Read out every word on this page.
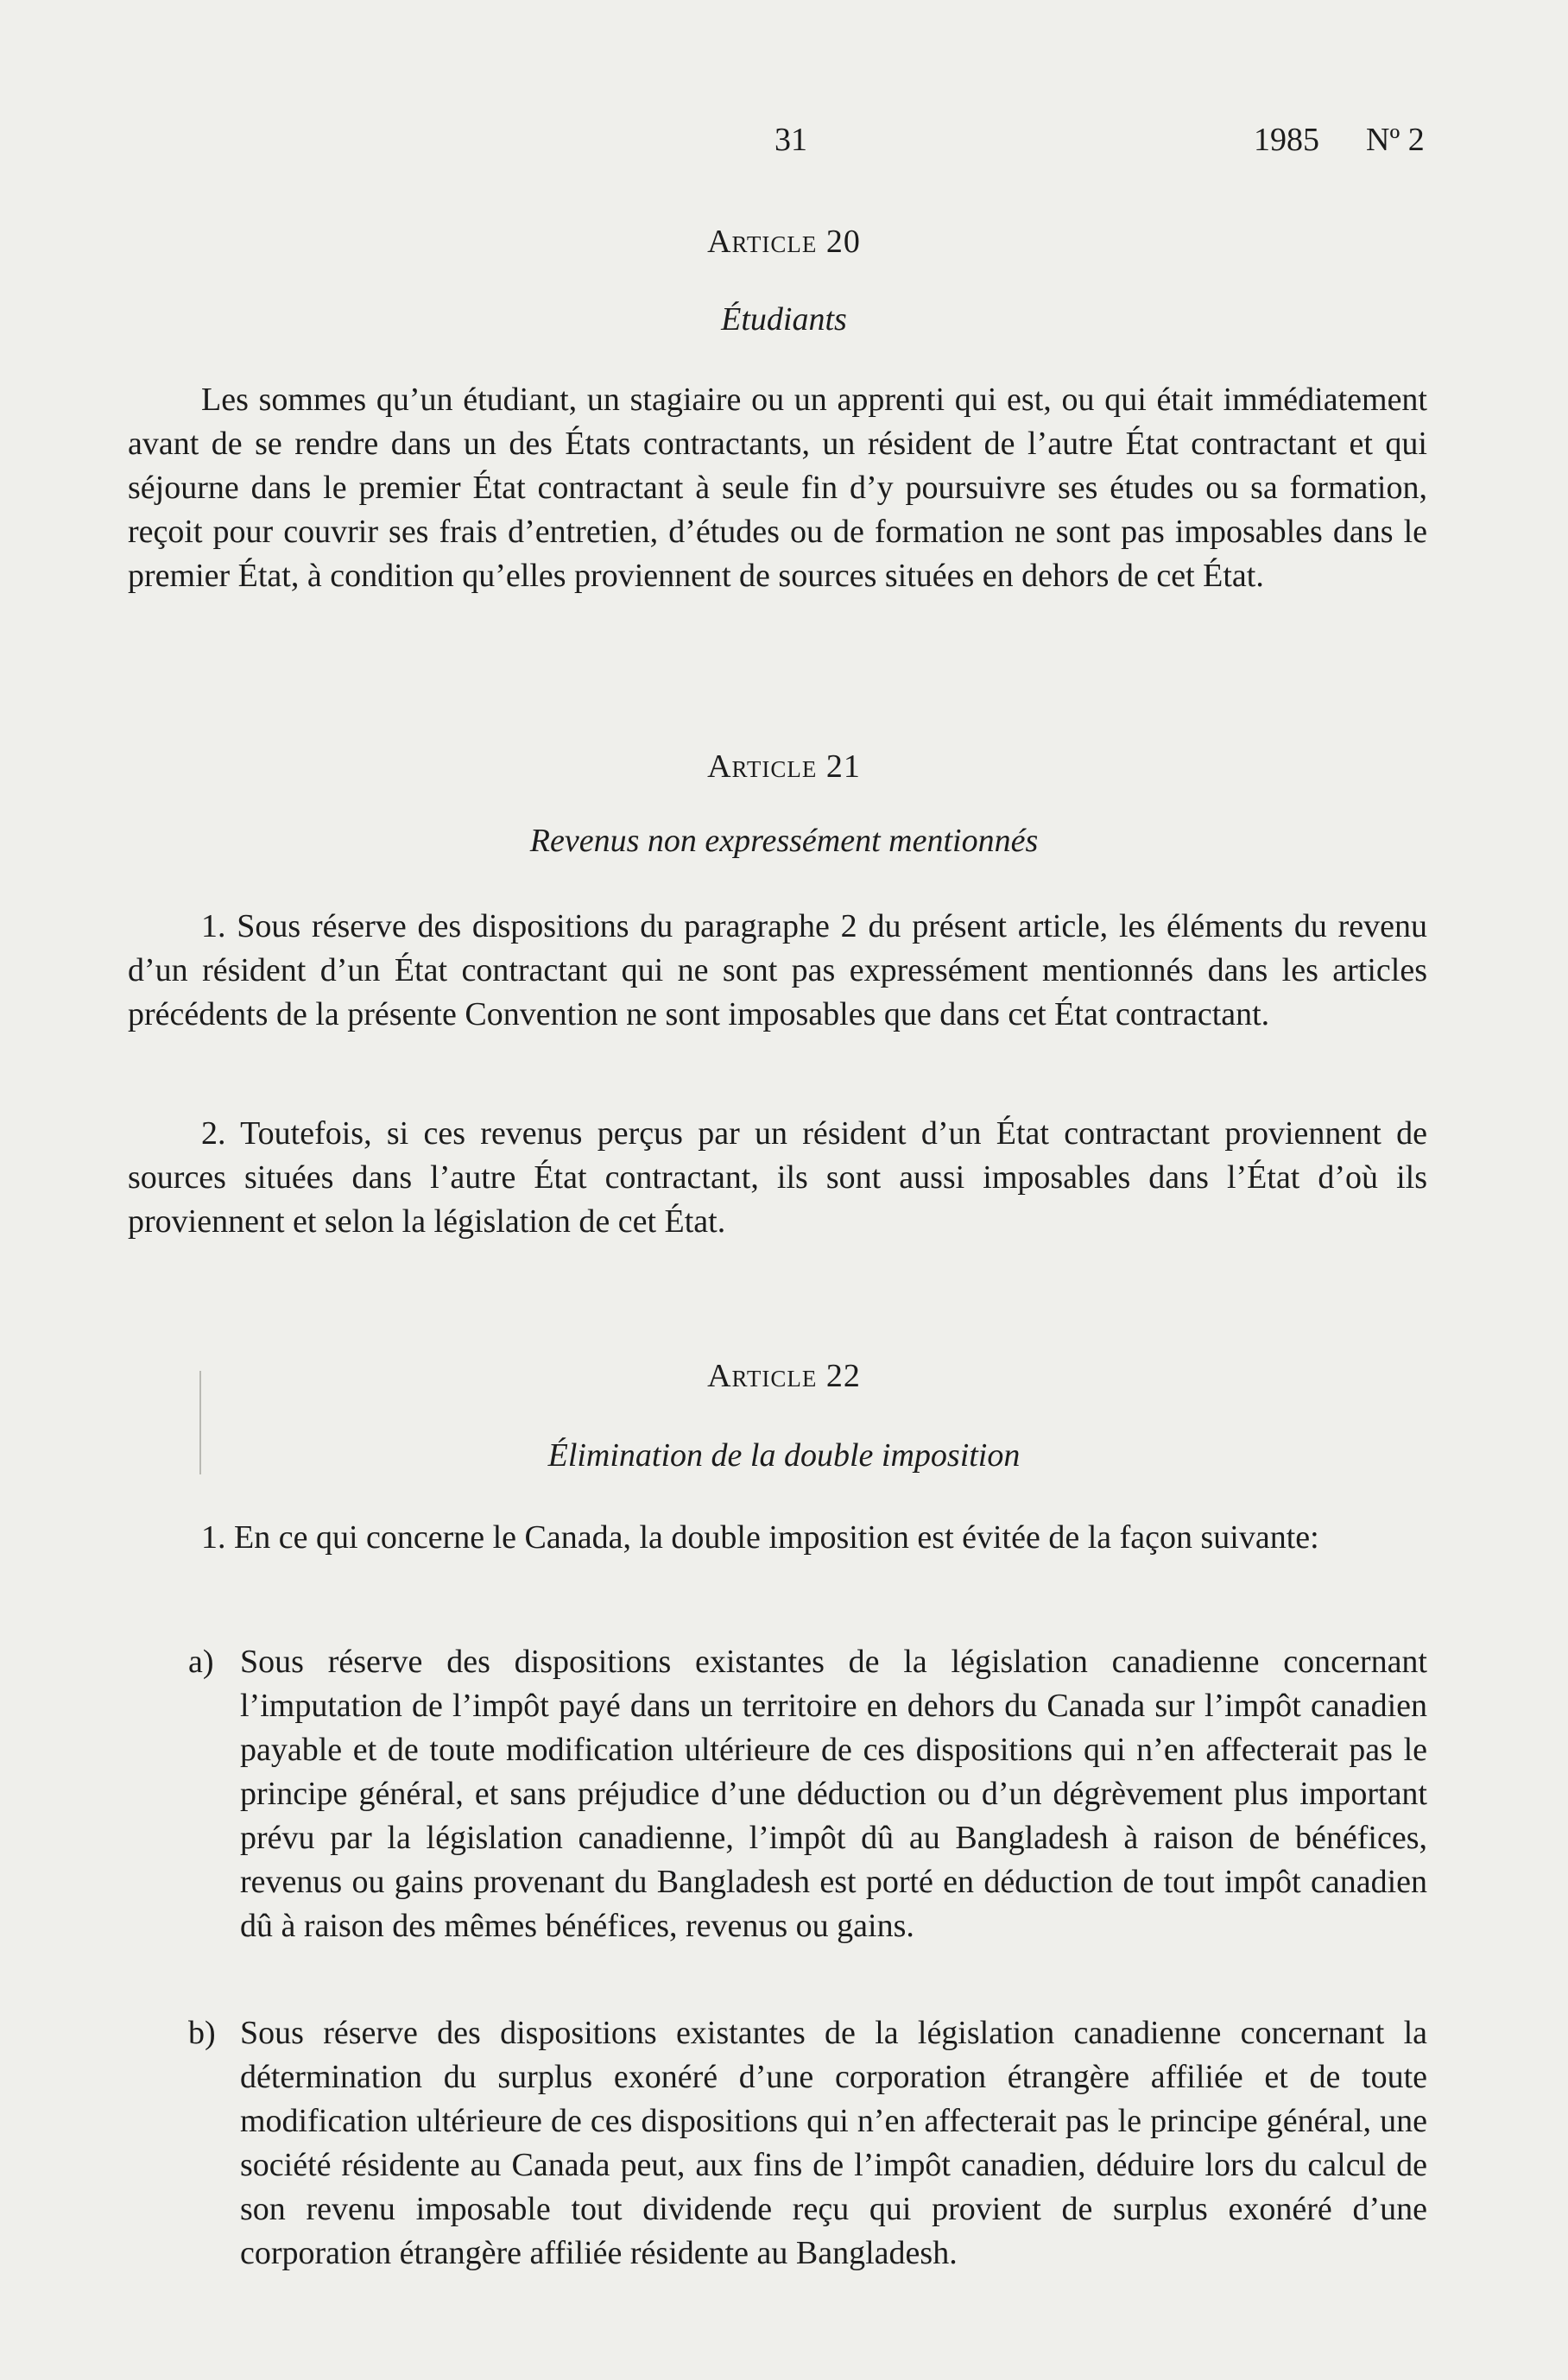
31	1985 Nº 2
Article 20
Étudiants

Les sommes qu’un étudiant, un stagiaire ou un apprenti qui est, ou qui était immédiatement avant de se rendre dans un des États contractants, un résident de l’autre État contractant et qui séjourne dans le premier État contractant à seule fin d’y poursuivre ses études ou sa formation, reçoit pour couvrir ses frais d’entretien, d’études ou de formation ne sont pas imposables dans le premier État, à condition qu’elles proviennent de sources situées en dehors de cet État.

Article 21
Revenus non expressément mentionnés

1. Sous réserve des dispositions du paragraphe 2 du présent article, les éléments du revenu d’un résident d’un État contractant qui ne sont pas expressément mentionnés dans les articles précédents de la présente Convention ne sont imposables que dans cet État contractant.

2. Toutefois, si ces revenus perçus par un résident d’un État contractant proviennent de sources situées dans l’autre État contractant, ils sont aussi imposables dans l’État d’où ils proviennent et selon la législation de cet État.

Article 22
Élimination de la double imposition

1. En ce qui concerne le Canada, la double imposition est évitée de la façon suivante:

a) Sous réserve des dispositions existantes de la législation canadienne concernant l’imputation de l’impôt payé dans un territoire en dehors du Canada sur l’impôt canadien payable et de toute modification ultérieure de ces dispositions qui n’en affecterait pas le principe général, et sans préjudice d’une déduction ou d’un dégrèvement plus important prévu par la législation canadienne, l’impôt dû au Bangladesh à raison de bénéfices, revenus ou gains provenant du Bangladesh est porté en déduction de tout impôt canadien dû à raison des mêmes bénéfices, revenus ou gains.
b) Sous réserve des dispositions existantes de la législation canadienne concernant la détermination du surplus exonéré d’une corporation étrangère affiliée et de toute modification ultérieure de ces dispositions qui n’en affecterait pas le principe général, une société résidente au Canada peut, aux fins de l’impôt canadien, déduire lors du calcul de son revenu imposable tout dividende reçu qui provient de surplus exonéré d’une corporation étrangère affiliée résidente au Bangladesh.
